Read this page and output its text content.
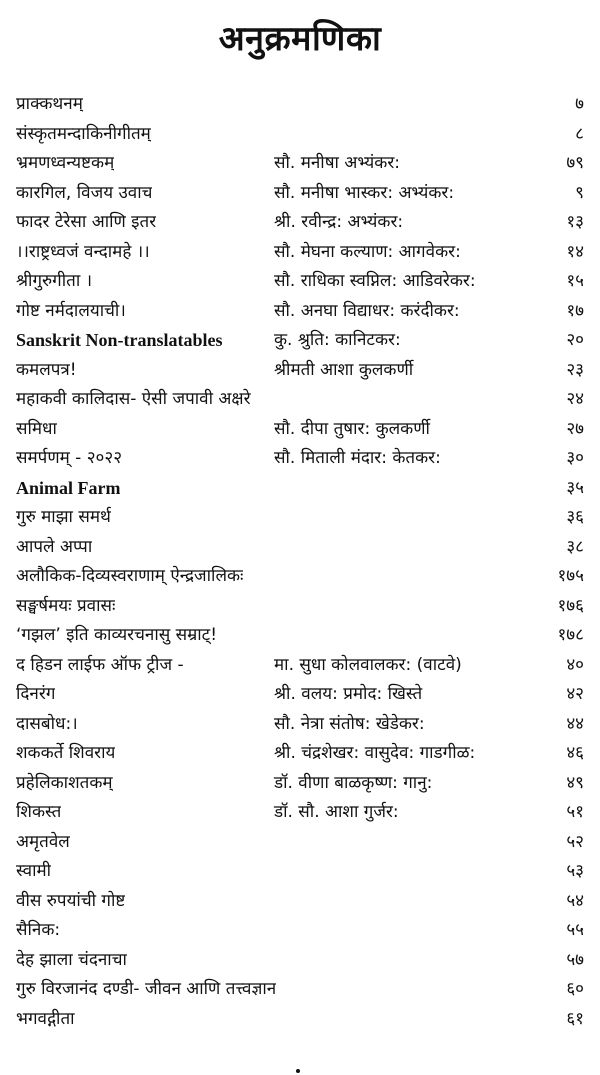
अनुक्रमणिका
प्राक्कथनम्	७
संस्कृतमन्दाकिनीगीतम्	८
भ्रमणध्वन्यष्टकम्	सौ. मनीषा अभ्यंकर:	७९
कारगिल, विजय उवाच	सौ. मनीषा भास्कर: अभ्यंकर:	९
फादर टेरेसा आणि इतर	श्री. रवीन्द्र: अभ्यंकर:	१३
।।राष्ट्रध्वजं वन्दामहे ।।	सौ. मेघना कल्याण: आगवेकर:	१४
श्रीगुरुगीता ।	सौ. राधिका स्वप्निल: आडिवरेकर:	१५
गोष्ट नर्मदालयाची।	सौ. अनघा विद्याधर: करंदीकर:	१७
Sanskrit Non-translatables	कु. श्रुति: कानिटकर:	२०
कमलपत्र!	श्रीमती आशा कुलकर्णी	२३
महाकवी कालिदास- ऐसी जपावी अक्षरे	२४
समिधा	सौ. दीपा तुषार: कुलकर्णी	२७
समर्पणम् - २०२२	सौ. मिताली मंदार: केतकर:	३०
Animal Farm	३५
गुरु माझा समर्थ	३६
आपले अप्पा	३८
अलौकिक-दिव्यस्वराणाम् ऐन्द्रजालिकः	१७५
सङ्घर्षमयः प्रवासः	१७६
‘गझल’ इति काव्यरचनासु सम्राट्!	१७८
द हिडन लाईफ ऑफ ट्रीज -	मा. सुधा कोलवालकर: (वाटवे)	४०
दिनरंग	श्री. वलय: प्रमोद: खिस्ते	४२
दासबोध:।	सौ. नेत्रा संतोष: खेडेकर:	४४
शककर्ते शिवराय	श्री. चंद्रशेखर: वासुदेव: गाडगीळ:	४६
प्रहेलिकाशतकम्	डॉ. वीणा बाळकृष्ण: गानु:	४९
शिकस्त	डॉ. सौ. आशा गुर्जर:	५१
अमृतवेल	५२
स्वामी	५३
वीस रुपयांची गोष्ट	५४
सैनिक:	५५
देह झाला चंदनाचा	५७
गुरु विरजानंद दण्डी- जीवन आणि तत्त्वज्ञान	६०
भगवद्गीता	६१
